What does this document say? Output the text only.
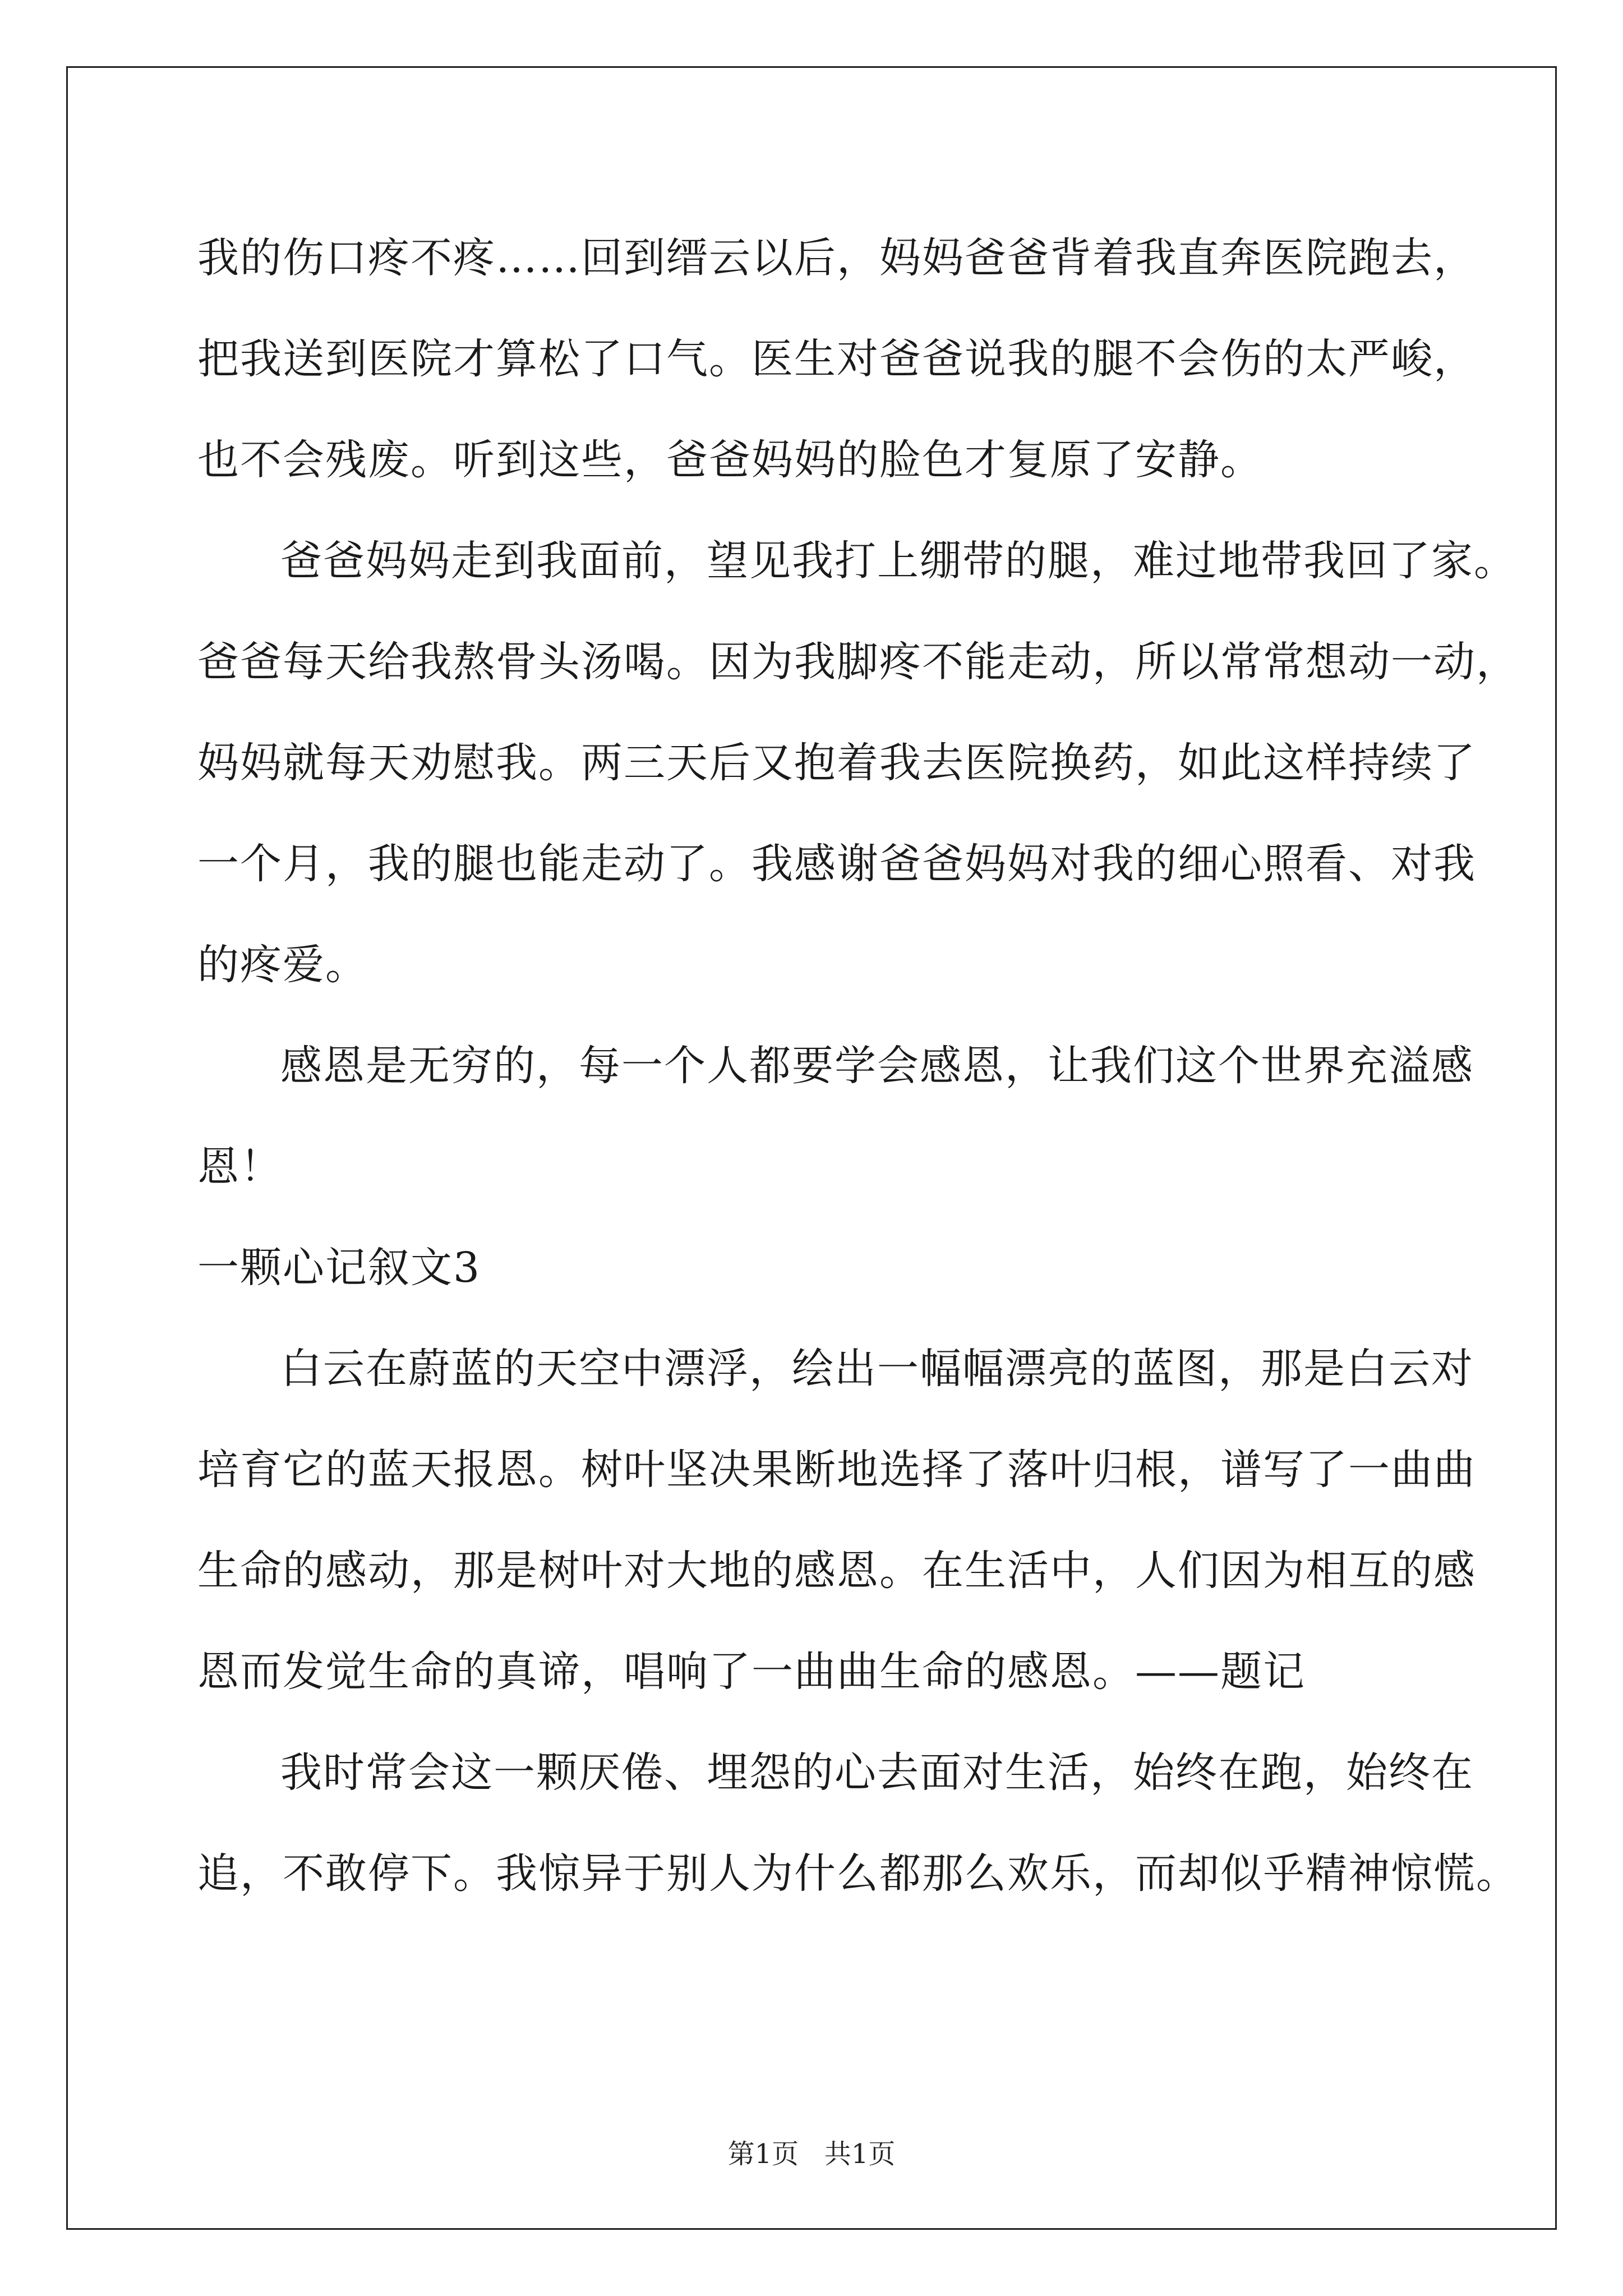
我的伤口疼不疼……回到缙云以后，妈妈爸爸背着我直奔医院跑去，
把我送到医院才算松了口气。医生对爸爸说我的腿不会伤的太严峻，
也不会残废。听到这些，爸爸妈妈的脸色才复原了安静。
爸爸妈妈走到我面前，望见我打上绷带的腿，难过地带我回了家。
爸爸每天给我熬骨头汤喝。因为我脚疼不能走动，所以常常想动一动，
妈妈就每天劝慰我。两三天后又抱着我去医院换药，如此这样持续了
一个月，我的腿也能走动了。我感谢爸爸妈妈对我的细心照看、对我
的疼爱。
感恩是无穷的，每一个人都要学会感恩，让我们这个世界充溢感
恩！
一颗心记叙文3
白云在蔚蓝的天空中漂浮，绘出一幅幅漂亮的蓝图，那是白云对
培育它的蓝天报恩。树叶坚决果断地选择了落叶归根，谱写了一曲曲
生命的感动，那是树叶对大地的感恩。在生活中，人们因为相互的感
恩而发觉生命的真谛，唱响了一曲曲生命的感恩。——题记
我时常会这一颗厌倦、埋怨的心去面对生活，始终在跑，始终在
追，不敢停下。我惊异于别人为什么都那么欢乐，而却似乎精神惊慌。
第1页 共1页
